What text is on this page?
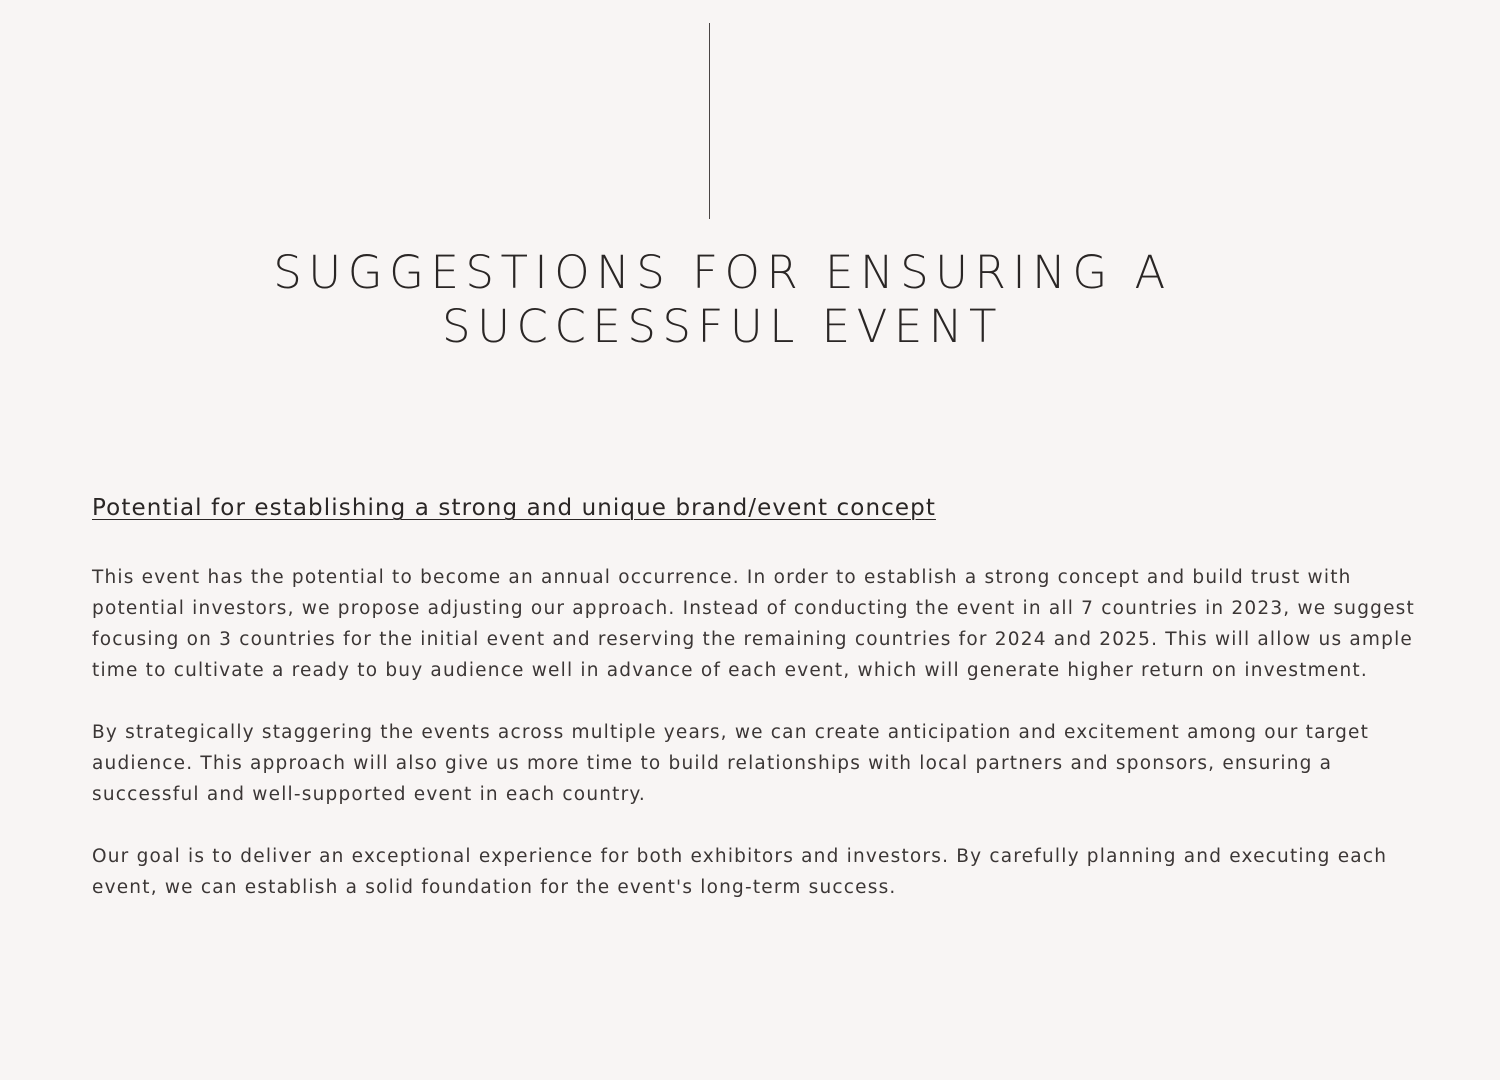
SUGGESTIONS FOR ENSURING A
SUCCESSFUL EVENT
Potential for establishing a strong and unique brand/event concept

This event has the potential to become an annual occurrence. In order to establish a strong concept and build trust with potential investors, we propose adjusting our approach. Instead of conducting the event in all 7 countries in 2023, we suggest focusing on 3 countries for the initial event and reserving the remaining countries for 2024 and 2025. This will allow us ample time to cultivate a ready to buy audience well in advance of each event, which will generate higher return on investment.

By strategically staggering the events across multiple years, we can create anticipation and excitement among our target audience. This approach will also give us more time to build relationships with local partners and sponsors, ensuring a successful and well-supported event in each country.

Our goal is to deliver an exceptional experience for both exhibitors and investors. By carefully planning and executing each event, we can establish a solid foundation for the event's long-term success.
